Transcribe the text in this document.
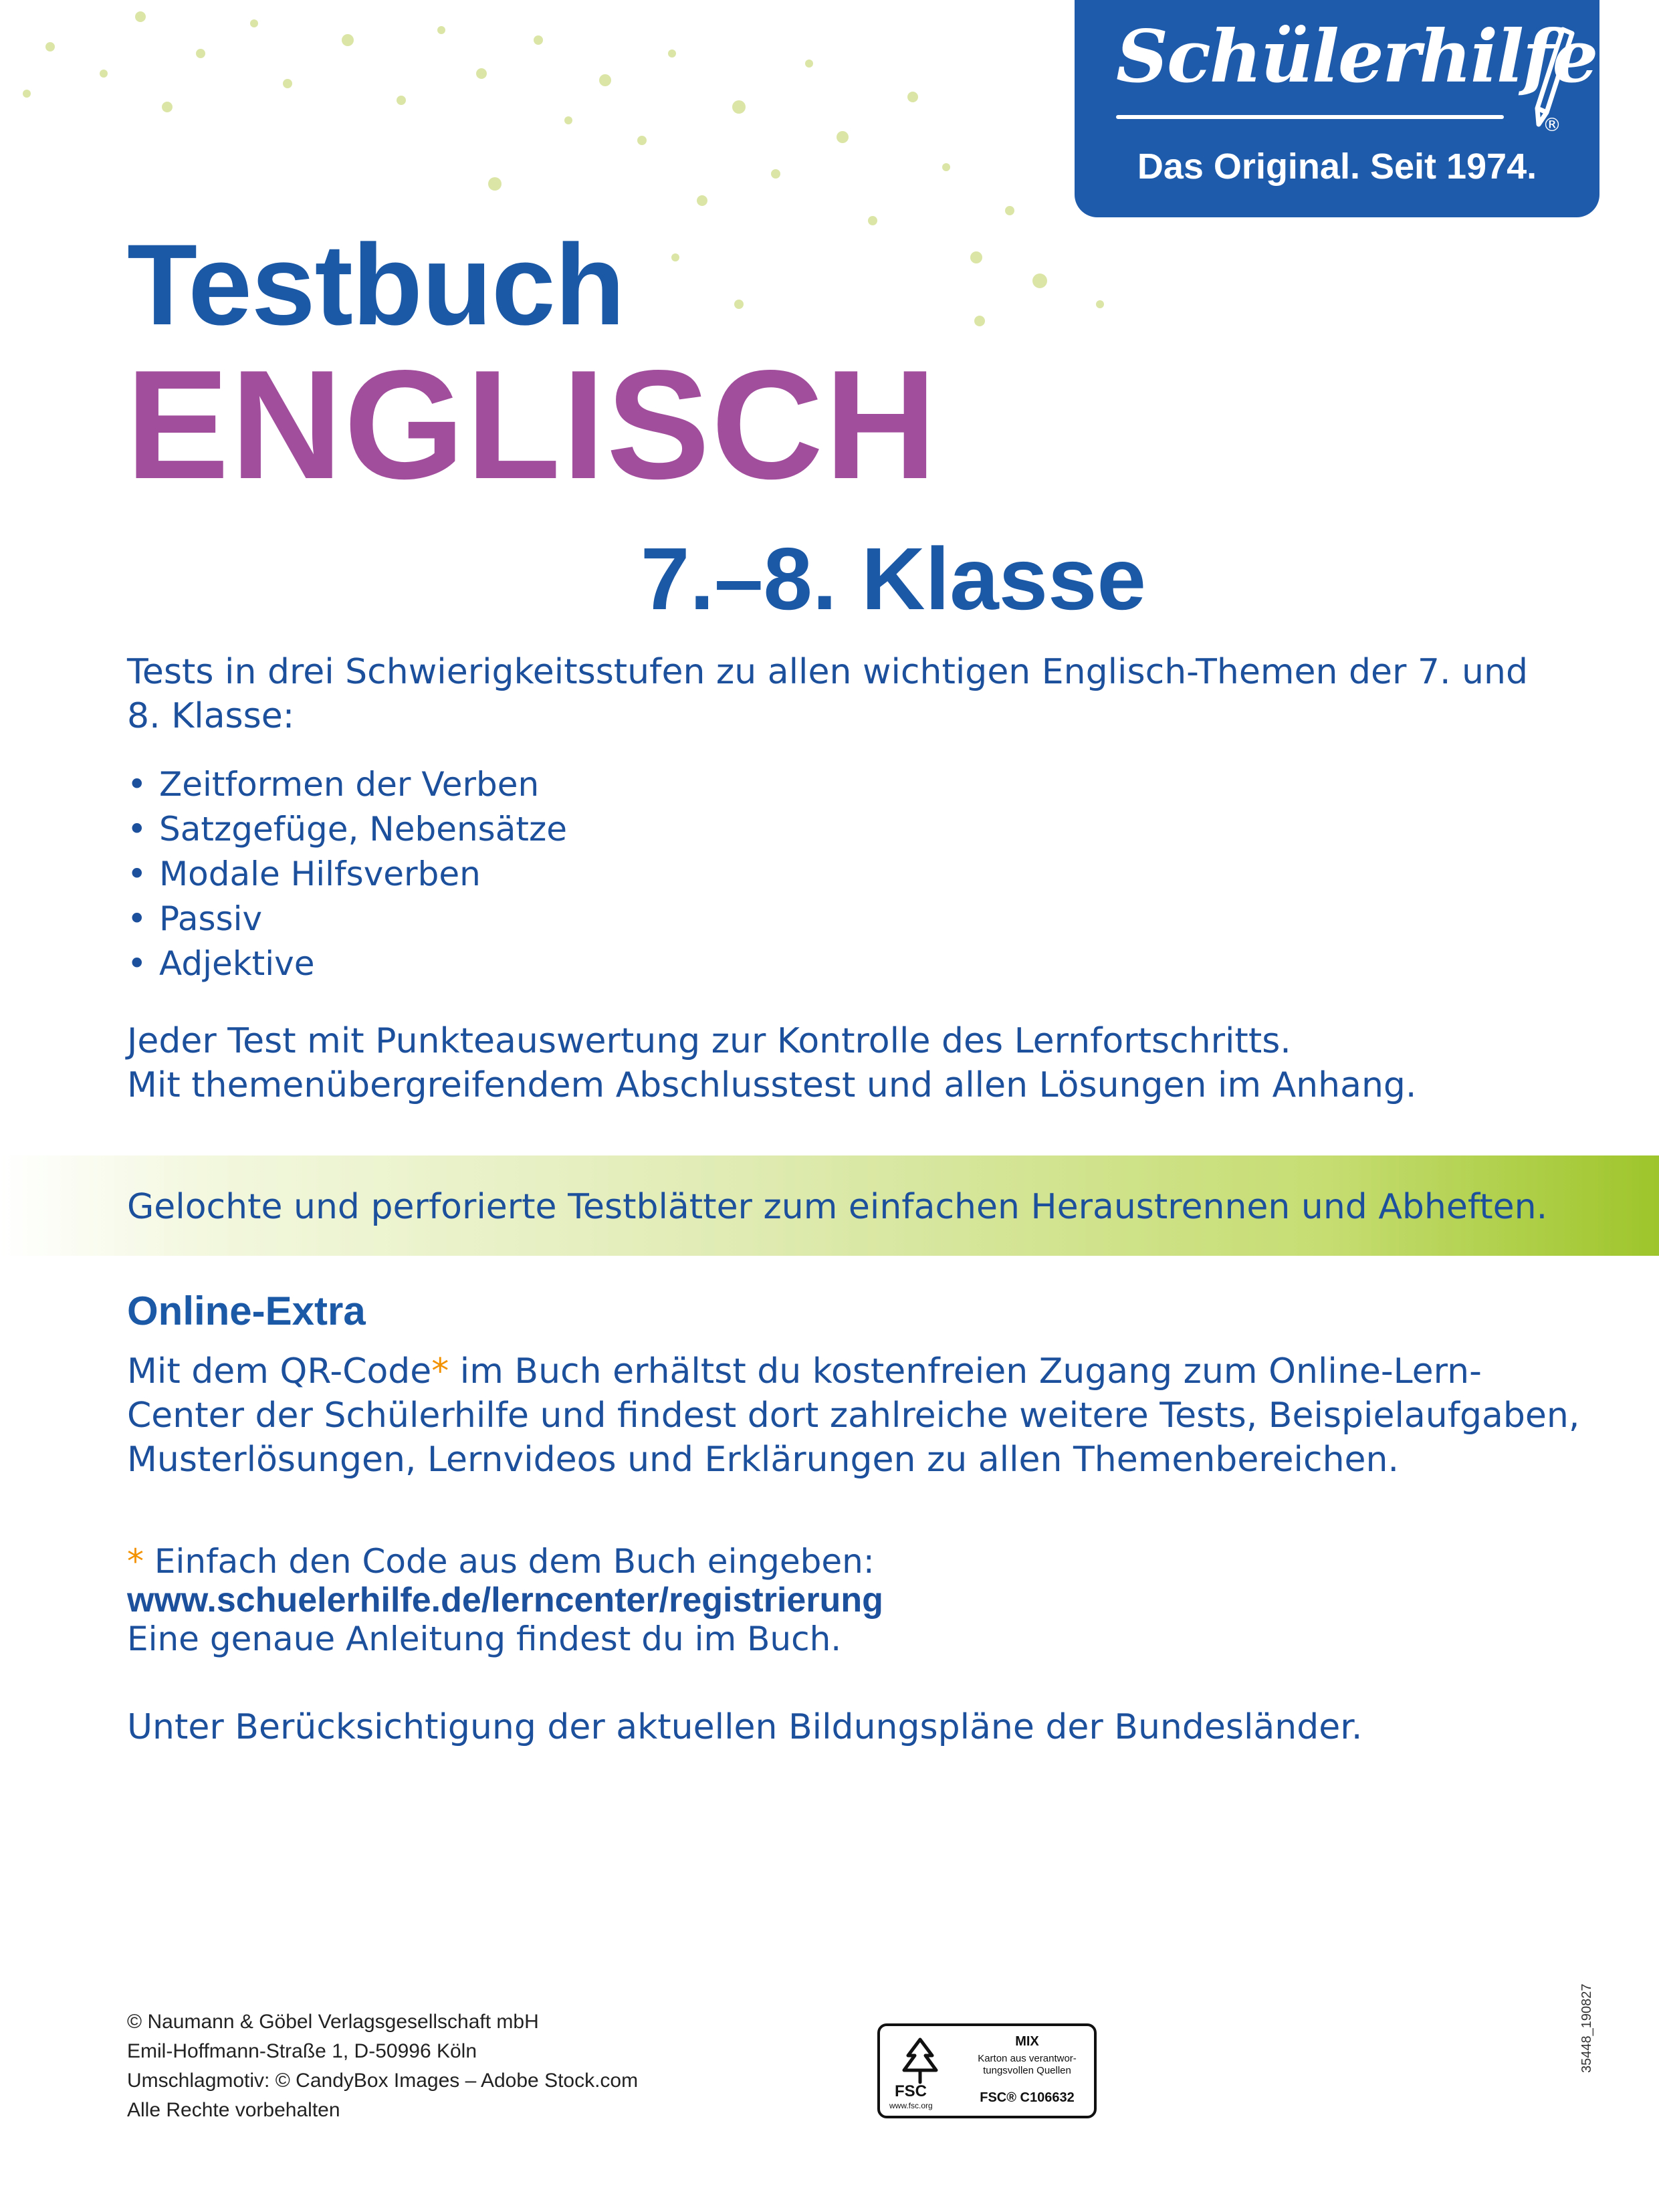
Schülerhilfe
®
Das Original. Seit 1974.
Testbuch
ENGLISCH
7.–8. Klasse

Tests in drei Schwierigkeitsstufen zu allen wichtigen Englisch-Themen der 7. und 8. Klasse:

• Zeitformen der Verben
• Satzgefüge, Nebensätze
• Modale Hilfsverben
• Passiv
• Adjektive

Jeder Test mit Punkteauswertung zur Kontrolle des Lernfortschritts.
Mit themenübergreifendem Abschlusstest und allen Lösungen im Anhang.

Gelochte und perforierte Testblätter zum einfachen Heraustrennen und Abheften.
Online-Extra

Mit dem QR-Code* im Buch erhältst du kostenfreien Zugang zum Online-Lern-Center der Schülerhilfe und findest dort zahlreiche weitere Tests, Beispielaufgaben, Musterlösungen, Lernvideos und Erklärungen zu allen Themenbereichen.

* Einfach den Code aus dem Buch eingeben:
www.schuelerhilfe.de/lerncenter/registrierung
Eine genaue Anleitung findest du im Buch.

Unter Berücksichtigung der aktuellen Bildungspläne der Bundesländer.

© Naumann & Göbel Verlagsgesellschaft mbH
Emil-Hoffmann-Straße 1, D-50996 Köln
Umschlagmotiv: © CandyBox Images – Adobe Stock.com
Alle Rechte vorbehalten
FSC
www.fsc.org
MIX
Karton aus verantwor-tungsvollen Quellen
FSC® C106632
35448_190827
